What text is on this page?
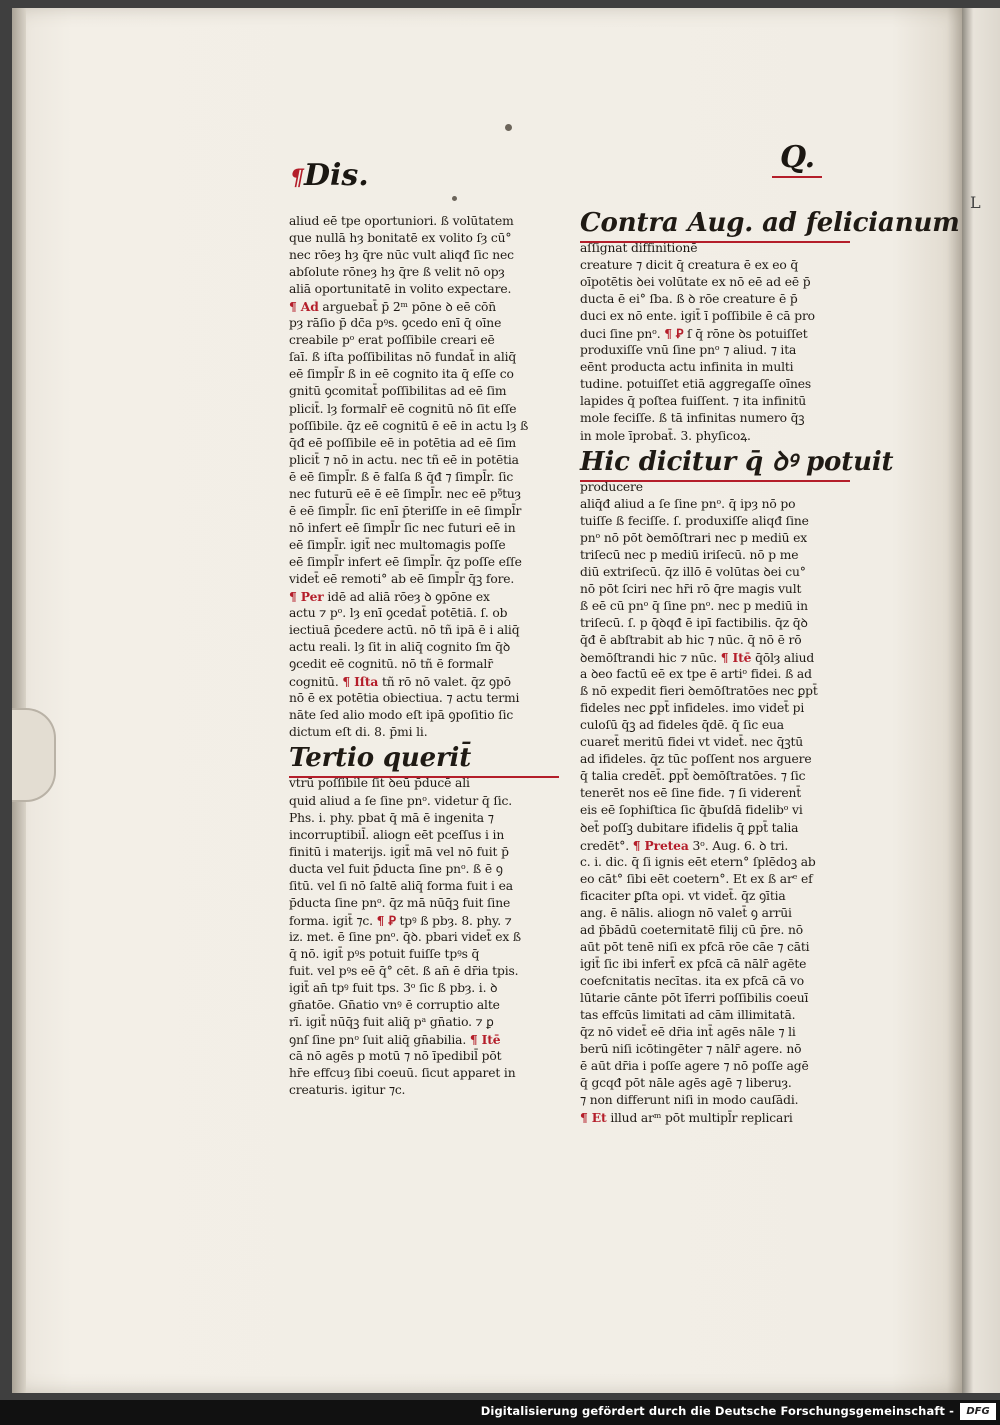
L
¶Dis.
Q.
aliud eē tpe oportuniori. ß volūtatem
que nullā hȝ bonitatē ex volito ſȝ cū°
nec rōeȝ hȝ q̄re nūc vult aliqđ ſic nec
abſolute rōneȝ hȝ q̄re ß velit nō opȝ
aliā oportunitatē in volito expectare.
¶ Ad arguebat̄ p̄ 2ᵐ pōne ꝺ eē cōn̄
pȝ rāſio p̄ dc̄a pꝰs. ꝯcedo enī q̄ oīne
creabile pᵒ erat poſſibile creari eē
ſaī. ß iſta poſſibilitas nō fundat̄ in aliq̄
eē ſimpl̄r ß in eē cognito ita q̄ eſſe co
gnitū ꝯcomitat̄ poſſibilitas ad eē ſim
plicit̄. lȝ formalr̄ eē cognitū nō ſit eſſe
poſſibile. q̄z eē cognitū ē eē in actu lȝ ß
q̄đ eē poſſibile eē in potētia ad eē ſim
plicit̄ ⁊ nō in actu. nec tñ eē in potētia
ē eē ſimpl̄r. ß ē falſa ß q̄đ ⁊ ſimpl̄r. ſic
nec futurū eē ē eē ſimpl̄r. nec eē pꝰ̄tuȝ
ē eē ſimpl̄r. ſic enī p̄teriſſe in eē ſimpl̄r
nō infert eē ſimpl̄r ſic nec futuri eē in
eē ſimpl̄r. igit̄ nec multomagis poſſe
eē ſimpl̄r infert eē ſimpl̄r. q̄z poſſe eſſe
videt̄ eē remoti° ab eē ſimpl̄r q̄ꝫ fore.
¶ Per idē ad aliā rōeȝ ꝺ ꝯpōne ex
actu ⁊ pᵒ. lȝ enī ꝯcedat̄ potētiā. ſ. ob
iectiuā p̄cedere actū. nō tñ ipā ē i aliq̄
actu reali. lȝ ſit in aliq̄ cognito ſm q̄ꝺ
ꝯcedit eē cognitū. nō tñ ē formalr̄
cognitū. ¶ Iſta tñ rō nō valet. q̄z ꝯpō
nō ē ex potētia obiectiua. ⁊ actu termi
nāte ſed alio modo eſt ipā ꝯpoſitio ſic
dictum eſt di. 8. p̄mi li.
Tertio querit̄
vtrū poſſibile ſit ꝺeū p̄ducē ali
quid aliud a ſe ſine pnᵒ. videtur q̄ ſic.
Phs. i. phy. pbat q̄ mā ē ingenita ⁊
incorruptibil̄. aliogn eēt pceſſus i in
finitū i materijs. igit̄ mā vel nō fuit p̄
ducta vel fuit p̄ducta ſine pnᵒ. ß ē ꝯ
ſitū. vel ſi nō ſaltē aliq̄ forma fuit i ea
p̄ducta ſine pnᵒ. q̄z mā nūq̄ꝫ fuit ſine
forma. igit̄ ⁊c. ¶ Ꝑ tpꝰ ß pbȝ. 8. phy. ⁊
iz. met. ē ſine pnᵒ. q̄ꝺ. pbari videt̄ ex ß
q̄ nō. igit̄ pꝰs potuit fuiſſe tpꝰs q̄
fuit. vel pꝰs eē q̄° cēt. ß an̄ ē dr̄ia tpis.
igit̄ an̄ tpꝰ fuit tps. 3ᵒ ſic ß pbȝ. i. ꝺ
gn̄atōe. Gn̄atio vnꝰ ē corruptio alte
rī. igit̄ nūq̄ꝫ fuit aliq̄ pᵃ gn̄atio. ⁊ ꝑ
ꝯnſ ſine pnᵒ ſuit aliq̄ gn̄abilia. ¶ Itē
cā nō agēs p motū ⁊ nō īpedibil̄ pōt
hr̄e effcuȝ ſibi coeuū. ſicut apparet in
creaturis. igitur ⁊c.
Contra Aug. ad felicianum
aſſignat diffinitionē
creature ⁊ dicit q̄ creatura ē ex eo q̄
oīpotētis ꝺei volūtate ex nō eē ad eē p̄
ducta ē ei° ſba. ß ꝺ rōe creature ē p̄
duci ex nō ente. igit̄ ī poſſibile ē cā pro
duci ſine pnᵒ. ¶ Ꝑ ſ q̄ rōne ꝺs potuiſſet
produxiſſe vnū ſine pnᵒ ⁊ aliud. ⁊ ita
eēnt producta actu infinita in multi
tudine. potuiſſet etiā aggregaſſe oīnes
lapides q̄ poſtea fuiſſent. ⁊ ita infinitū
mole feciſſe. ß tā infinitas numero q̄ꝫ
in mole īprobat̄. 3. phyſicoꝝ.
Hic dicitur q̄ ꝺꝰ potuit
producere
aliq̄đ aliud a ſe ſine pnᵒ. q̄ ipȝ nō po
tuiſſe ß feciſſe. ſ. produxiſſe aliqđ ſine
pnᵒ nō pōt ꝺemōſtrari nec p mediū ex
triſecū nec p mediū iriſecū. nō p me
diū extriſecū. q̄z illō ē volūtas ꝺei cu°
nō pōt ſciri nec hr̄i rō q̄re magis vult
ß eē cū pnᵒ q̄ ſine pnᵒ. nec p mediū in
triſecū. ſ. p q̄ꝺqđ ē ipī factibilis. q̄z q̄ꝺ
q̄đ ē abſtrabit ab hic ⁊ nūc. q̄ nō ē rō
ꝺemōſtrandi hic ⁊ nūc. ¶ Itē q̄ōlȝ aliud
a ꝺeo factū eē ex tpe ē artiᵒ fidei. ß ad
ß nō expedit fieri ꝺemōſtratōes nec ꝑpt̄
fideles nec ꝑpt̄ infideles. imo videt̄ pi
culoſū q̄ꝫ ad fideles q̄dē. q̄ ſic eua
cuaret̄ meritū fidei vt videt̄. nec q̄ꝫtū
ad ifideles. q̄z tūc poſſent nos arguere
q̄ talia credēt̄. ꝑpt̄ ꝺemōſtratōes. ⁊ ſic
tenerēt nos eē ſine fide. ⁊ ſi viderent̄
eis eē ſophiſtica ſic q̄buſdā fidelibᵒ vi
ꝺet̄ poſſꝫ dubitare ifidelis q̄ ꝑpt̄ talia
credēt°. ¶ Pretea 3ᵒ. Aug. 6. ꝺ tri.
c. i. dic. q̄ ſi ignis eēt etern° ſplēdoꝫ ab
eo cāt° ſibi eēt coetern°. Et ex ß arᵉ ef
ficaciter ꝑſta opi. vt videt̄. q̄z ꝯītia
ang. ē nālis. aliogn nō valet̄ ꝯ arrūi
ad p̄bādū coeternitatē filij cū p̄re. nō
aūt pōt tenē niſi ex pfcā rōe cāe ⁊ cāti
igit̄ ſic ibi infert̄ ex pfcā cā nālr̄ agēte
coefcnitatis necītas. ita ex pfcā cā vo
lūtarie cānte pōt īferri poſſibilis coeuī
tas effcūs limitati ad cām illimitatā.
q̄z nō videt̄ eē dr̄ia int̄ agēs nāle ⁊ li
berū niſi icōtingēter ⁊ nālr̄ agere. nō
ē aūt dr̄ia i poſſe agere ⁊ nō poſſe agē
q̄ gcqđ pōt nāle agēs agē ⁊ liberuȝ.
⁊ non differunt niſi in modo cauſādi.
¶ Et illud arᵐ pōt multipl̄r replicari
Digitalisierung gefördert durch die Deutsche Forschungsgemeinschaft -	DFG
